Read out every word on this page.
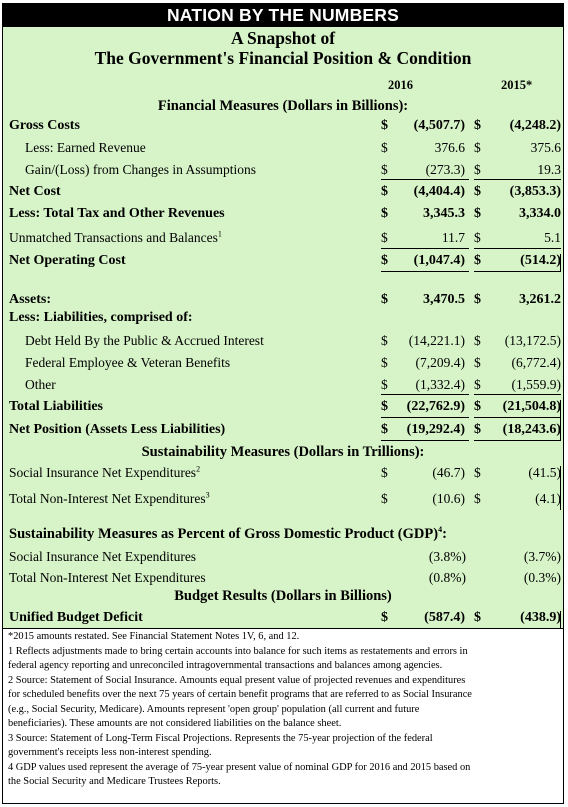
NATION BY THE NUMBERS
A Snapshot of
The Government's Financial Position & Condition
2016	2015*
Financial Measures (Dollars in Billions):
Gross Costs	$ (4,507.7) $ (4,248.2)
Less: Earned Revenue	$	376.6 $	375.6
Gain/(Loss) from Changes in Assumptions	$	(273.3) $	19.3
Net Cost	$ (4,404.4) $ (3,853.3)
Less: Total Tax and Other Revenues	$	3,345.3 $	3,334.0
Unmatched Transactions and Balances$^1$	$	11.7 $	5.1
Net Operating Cost	$ (1,047.4) $	(514.2)
Assets:	$	3,470.5 $	3,261.2
Less: Liabilities, comprised of:
Debt Held By the Public & Accrued Interest	$ (14,221.1) $ (13,172.5)
Federal Employee & Veteran Benefits	$ (7,209.4) $ (6,772.4)
Other	$ (1,332.4) $ (1,559.9)
Total Liabilities	$ (22,762.9) $ (21,504.8)
Net Position (Assets Less Liabilities)	$ (19,292.4) $ (18,243.6)
Sustainability Measures (Dollars in Trillions):
Social Insurance Net Expenditures$^2$	$	(46.7) $	(41.5)
Total Non-Interest Net Expenditures$^3$	$	(10.6) $	(4.1)
Sustainability Measures as Percent of Gross Domestic Product (GDP)$^4$:
Social Insurance Net Expenditures	(3.8%)	(3.7%)
Total Non-Interest Net Expenditures	(0.8%)	(0.3%)
Budget Results (Dollars in Billions)
Unified Budget Deficit	$	(587.4) $	(438.9)
*2015 amounts restated. See Financial Statement Notes 1V, 6, and 12.
1 Reflects adjustments made to bring certain accounts into balance for such items as restatements and errors in
federal agency reporting and unreconciled intragovernmental transactions and balances among agencies.
2 Source: Statement of Social Insurance. Amounts equal present value of projected revenues and expenditures
for scheduled benefits over the next 75 years of certain benefit programs that are referred to as Social Insurance
(e.g., Social Security, Medicare). Amounts represent 'open group' population (all current and future
beneficiaries). These amounts are not considered liabilities on the balance sheet.
3 Source: Statement of Long-Term Fiscal Projections. Represents the 75-year projection of the federal
government's receipts less non-interest spending.
4 GDP values used represent the average of 75-year present value of nominal GDP for 2016 and 2015 based on
the Social Security and Medicare Trustees Reports.
